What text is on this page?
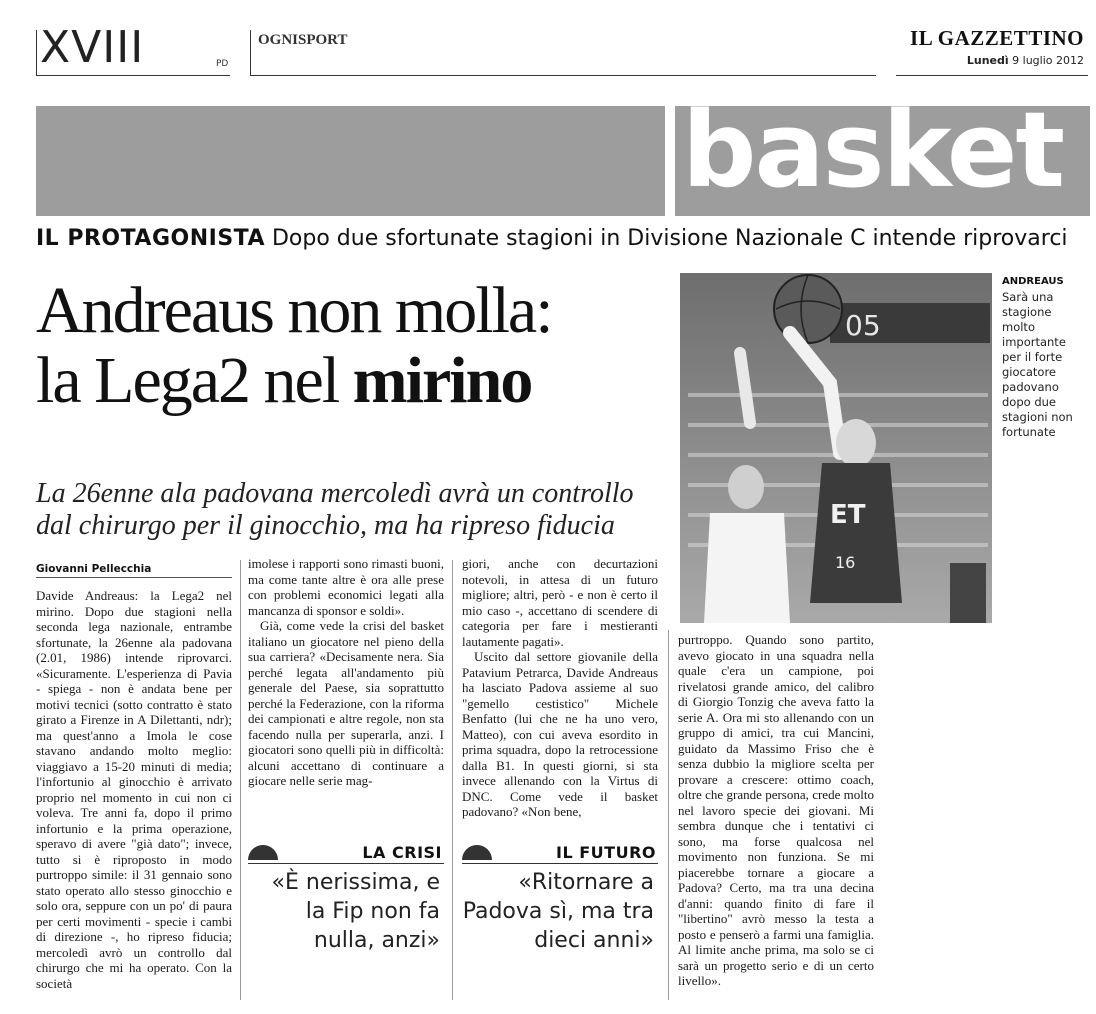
XVIII	PD
OGNISPORT	IL GAZZETTINO
Lunedì 9 luglio 2012
basket
IL PROTAGONISTA Dopo due sfortunate stagioni in Divisione Nazionale C intende riprovarci
Andreaus non molla:
la Lega2 nel mirino
La 26enne ala padovana mercoledì avrà un controllo dal chirurgo per il ginocchio, ma ha ripreso fiducia
05
ET
16
ANDREAUS
Sarà una stagione molto importante per il forte giocatore padovano dopo due stagioni non fortunate
Giovanni Pellecchia

Davide Andreaus: la Lega2 nel mirino. Dopo due stagioni nella seconda lega nazionale, entrambe sfortunate, la 26enne ala padovana (2.01, 1986) intende riprovarci. «Sicuramente. L'esperienza di Pavia - spiega - non è andata bene per motivi tecnici (sotto contratto è stato girato a Firenze in A Dilettanti, ndr); ma quest'anno a Imola le cose stavano andando molto meglio: viaggiavo a 15-20 minuti di media; l'infortunio al ginocchio è arrivato proprio nel momento in cui non ci voleva. Tre anni fa, dopo il primo infortunio e la prima operazione, speravo di avere "già dato"; invece, tutto si è riproposto in modo purtroppo simile: il 31 gennaio sono stato operato allo stesso ginocchio e solo ora, seppure con un po' di paura per certi movimenti - specie i cambi di direzione -, ho ripreso fiducia; mercoledì avrò un controllo dal chirurgo che mi ha operato. Con la società

imolese i rapporti sono rimasti buoni, ma come tante altre è ora alle prese con problemi economici legati alla mancanza di sponsor e soldi».

Già, come vede la crisi del basket italiano un giocatore nel pieno della sua carriera? «Decisamente nera. Sia perché legata all'andamento più generale del Paese, sia soprattutto perché la Federazione, con la riforma dei campionati e altre regole, non sta facendo nulla per superarla, anzi. I giocatori sono quelli più in difficoltà: alcuni accettano di continuare a giocare nelle serie mag-

giori, anche con decurtazioni notevoli, in attesa di un futuro migliore; altri, però - e non è certo il mio caso -, accettano di scendere di categoria per fare i mestieranti lautamente pagati».

Uscito dal settore giovanile della Patavium Petrarca, Davide Andreaus ha lasciato Padova assieme al suo "gemello cestistico" Michele Benfatto (lui che ne ha uno vero, Matteo), con cui aveva esordito in prima squadra, dopo la retrocessione dalla B1. In questi giorni, si sta invece allenando con la Virtus di DNC. Come vede il basket padovano? «Non bene,

purtroppo. Quando sono partito, avevo giocato in una squadra nella quale c'era un campione, poi rivelatosi grande amico, del calibro di Giorgio Tonzig che aveva fatto la serie A. Ora mi sto allenando con un gruppo di amici, tra cui Mancini, guidato da Massimo Friso che è senza dubbio la migliore scelta per provare a crescere: ottimo coach, oltre che grande persona, crede molto nel lavoro specie dei giovani. Mi sembra dunque che i tentativi ci sono, ma forse qualcosa nel movimento non funziona. Se mi piacerebbe tornare a giocare a Padova? Certo, ma tra una decina d'anni: quando finito di fare il "libertino" avrò messo la testa a posto e penserò a farmi una famiglia. Al limite anche prima, ma solo se ci sarà un progetto serio e di un certo livello».

LA CRISI
«È nerissima, e la Fip non fa nulla, anzi»
IL FUTURO
«Ritornare a Padova sì, ma tra dieci anni»
